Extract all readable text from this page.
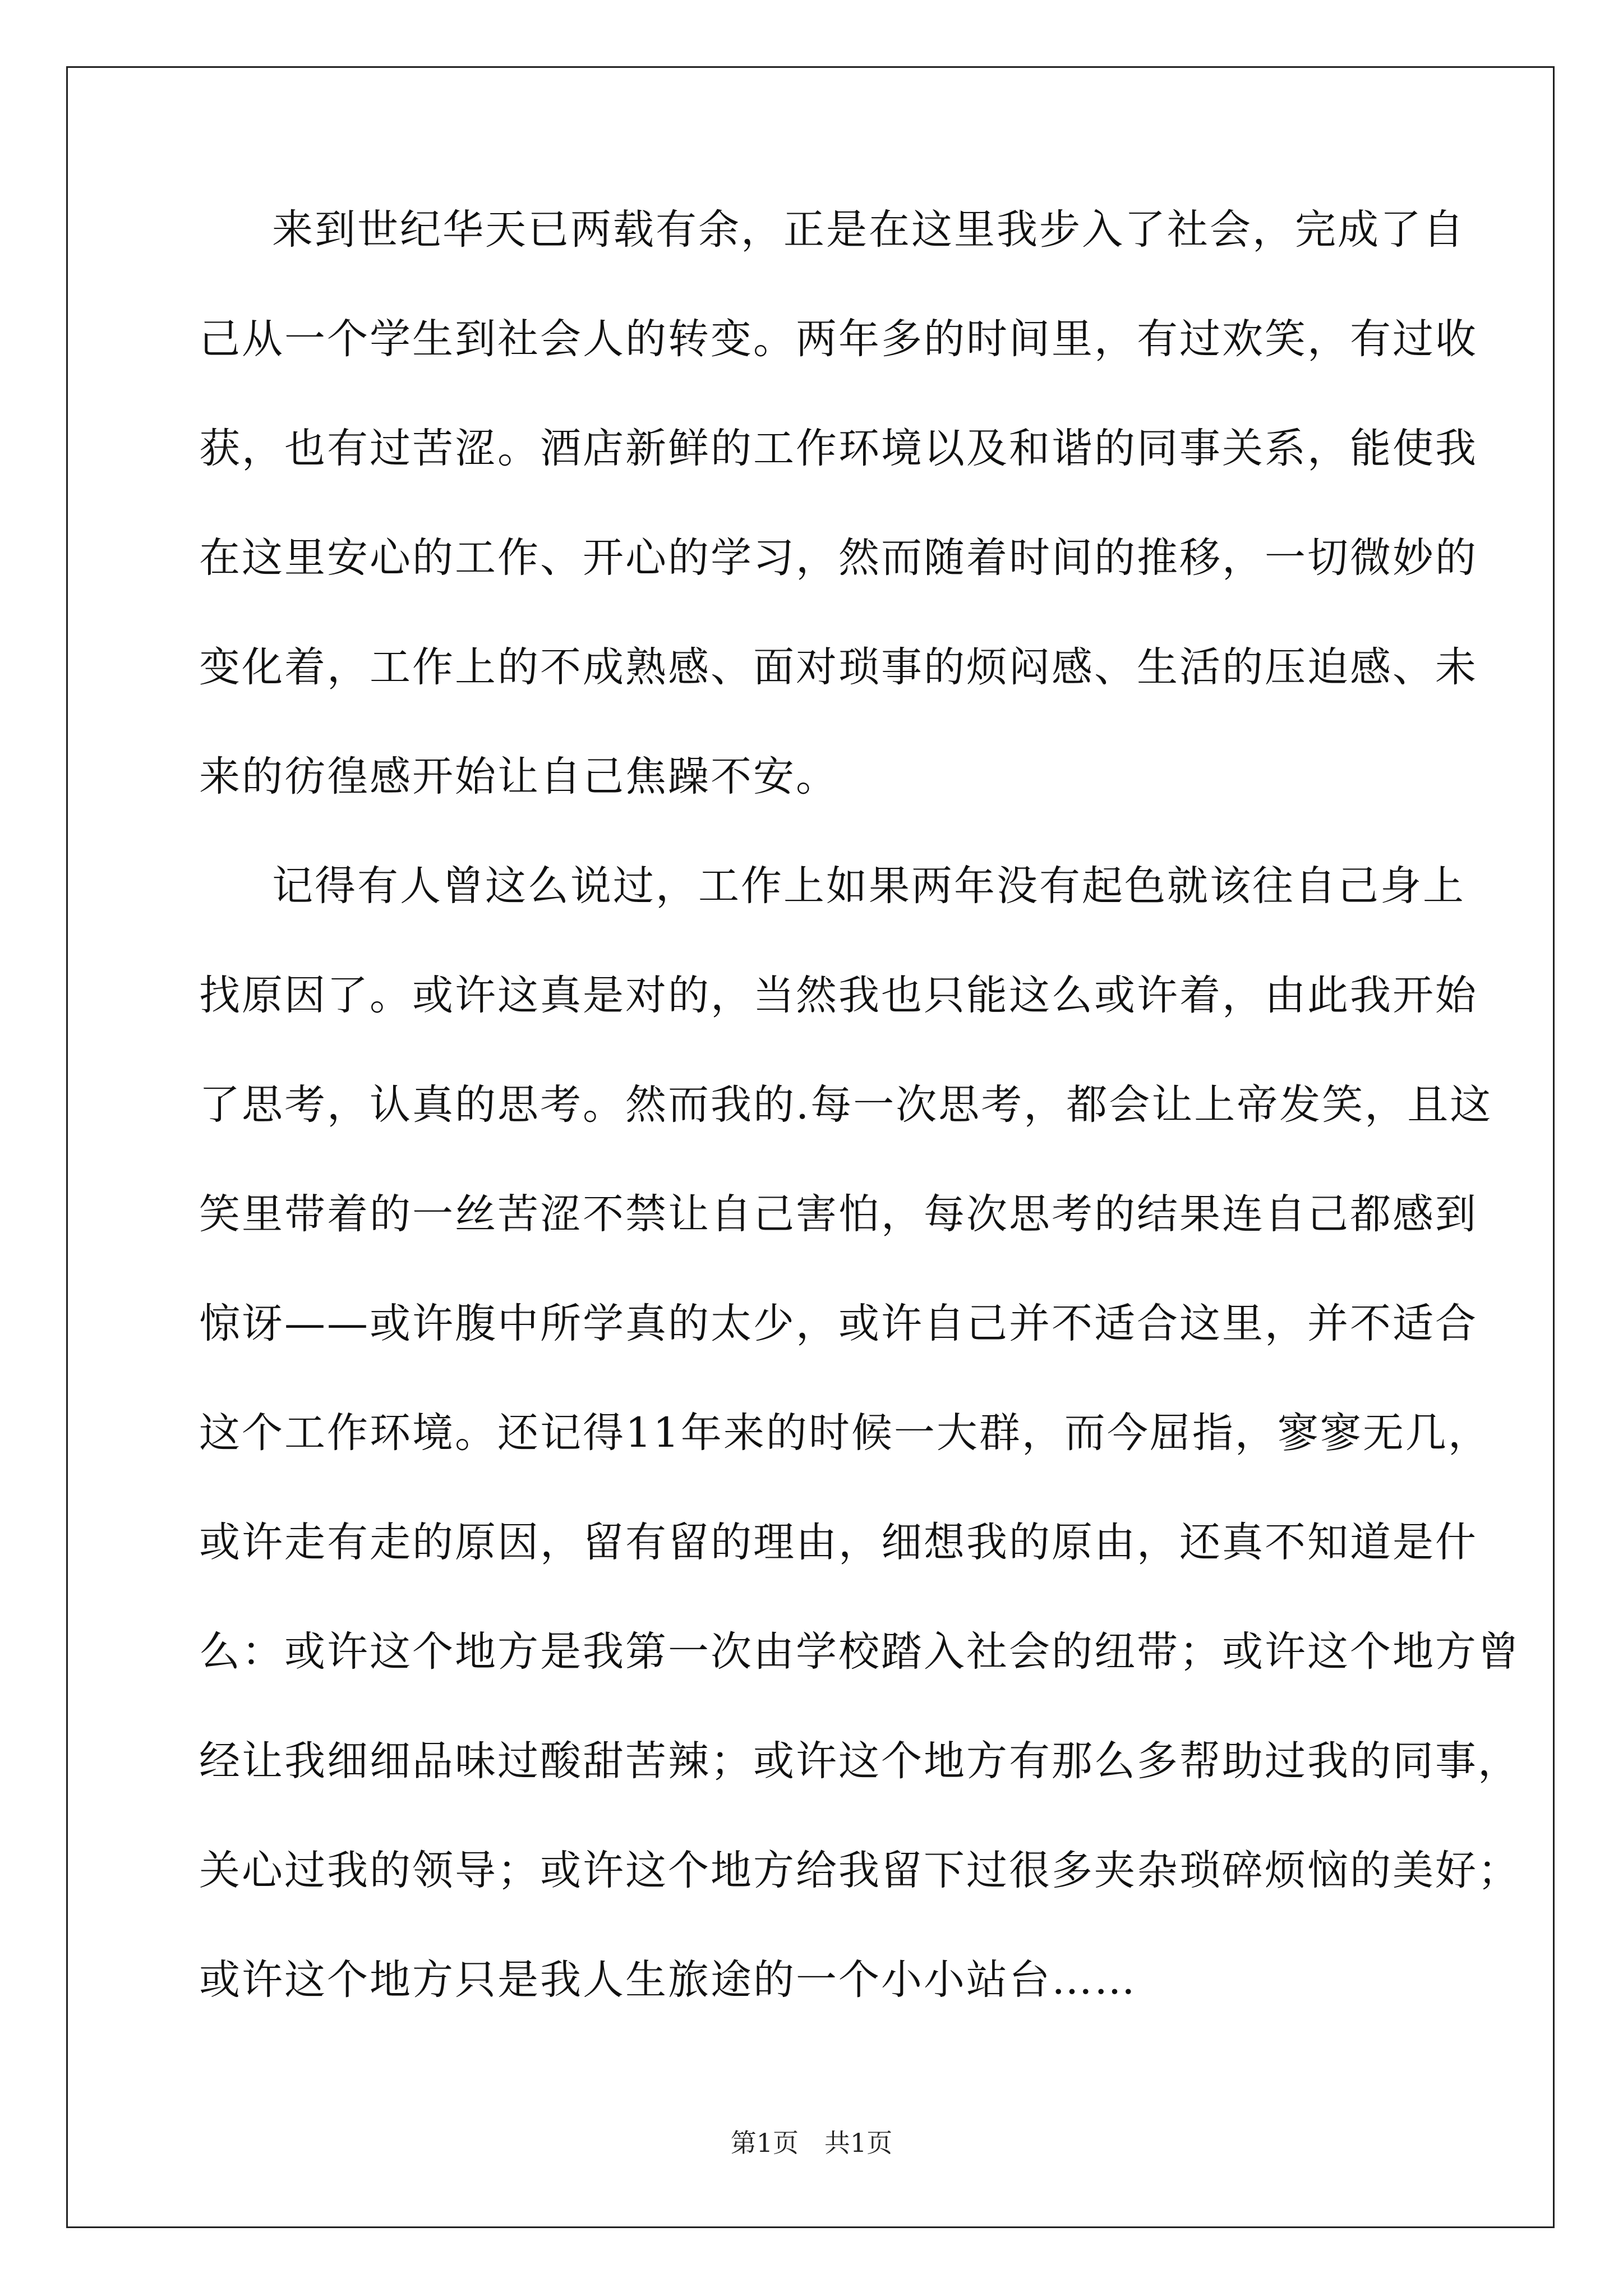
来到世纪华天已两载有余，正是在这里我步入了社会，完成了自
己从一个学生到社会人的转变。两年多的时间里，有过欢笑，有过收
获，也有过苦涩。酒店新鲜的工作环境以及和谐的同事关系，能使我
在这里安心的工作、开心的学习，然而随着时间的推移，一切微妙的
变化着，工作上的不成熟感、面对琐事的烦闷感、生活的压迫感、未
来的彷徨感开始让自己焦躁不安。
记得有人曾这么说过，工作上如果两年没有起色就该往自己身上
找原因了。或许这真是对的，当然我也只能这么或许着，由此我开始
了思考，认真的思考。然而我的.每一次思考，都会让上帝发笑，且这
笑里带着的一丝苦涩不禁让自己害怕，每次思考的结果连自己都感到
惊讶——或许腹中所学真的太少，或许自己并不适合这里，并不适合
这个工作环境。还记得11年来的时候一大群，而今屈指，寥寥无几，
或许走有走的原因，留有留的理由，细想我的原由，还真不知道是什
么：或许这个地方是我第一次由学校踏入社会的纽带；或许这个地方曾
经让我细细品味过酸甜苦辣；或许这个地方有那么多帮助过我的同事，
关心过我的领导；或许这个地方给我留下过很多夹杂琐碎烦恼的美好；
或许这个地方只是我人生旅途的一个小小站台……
第1页　共1页
